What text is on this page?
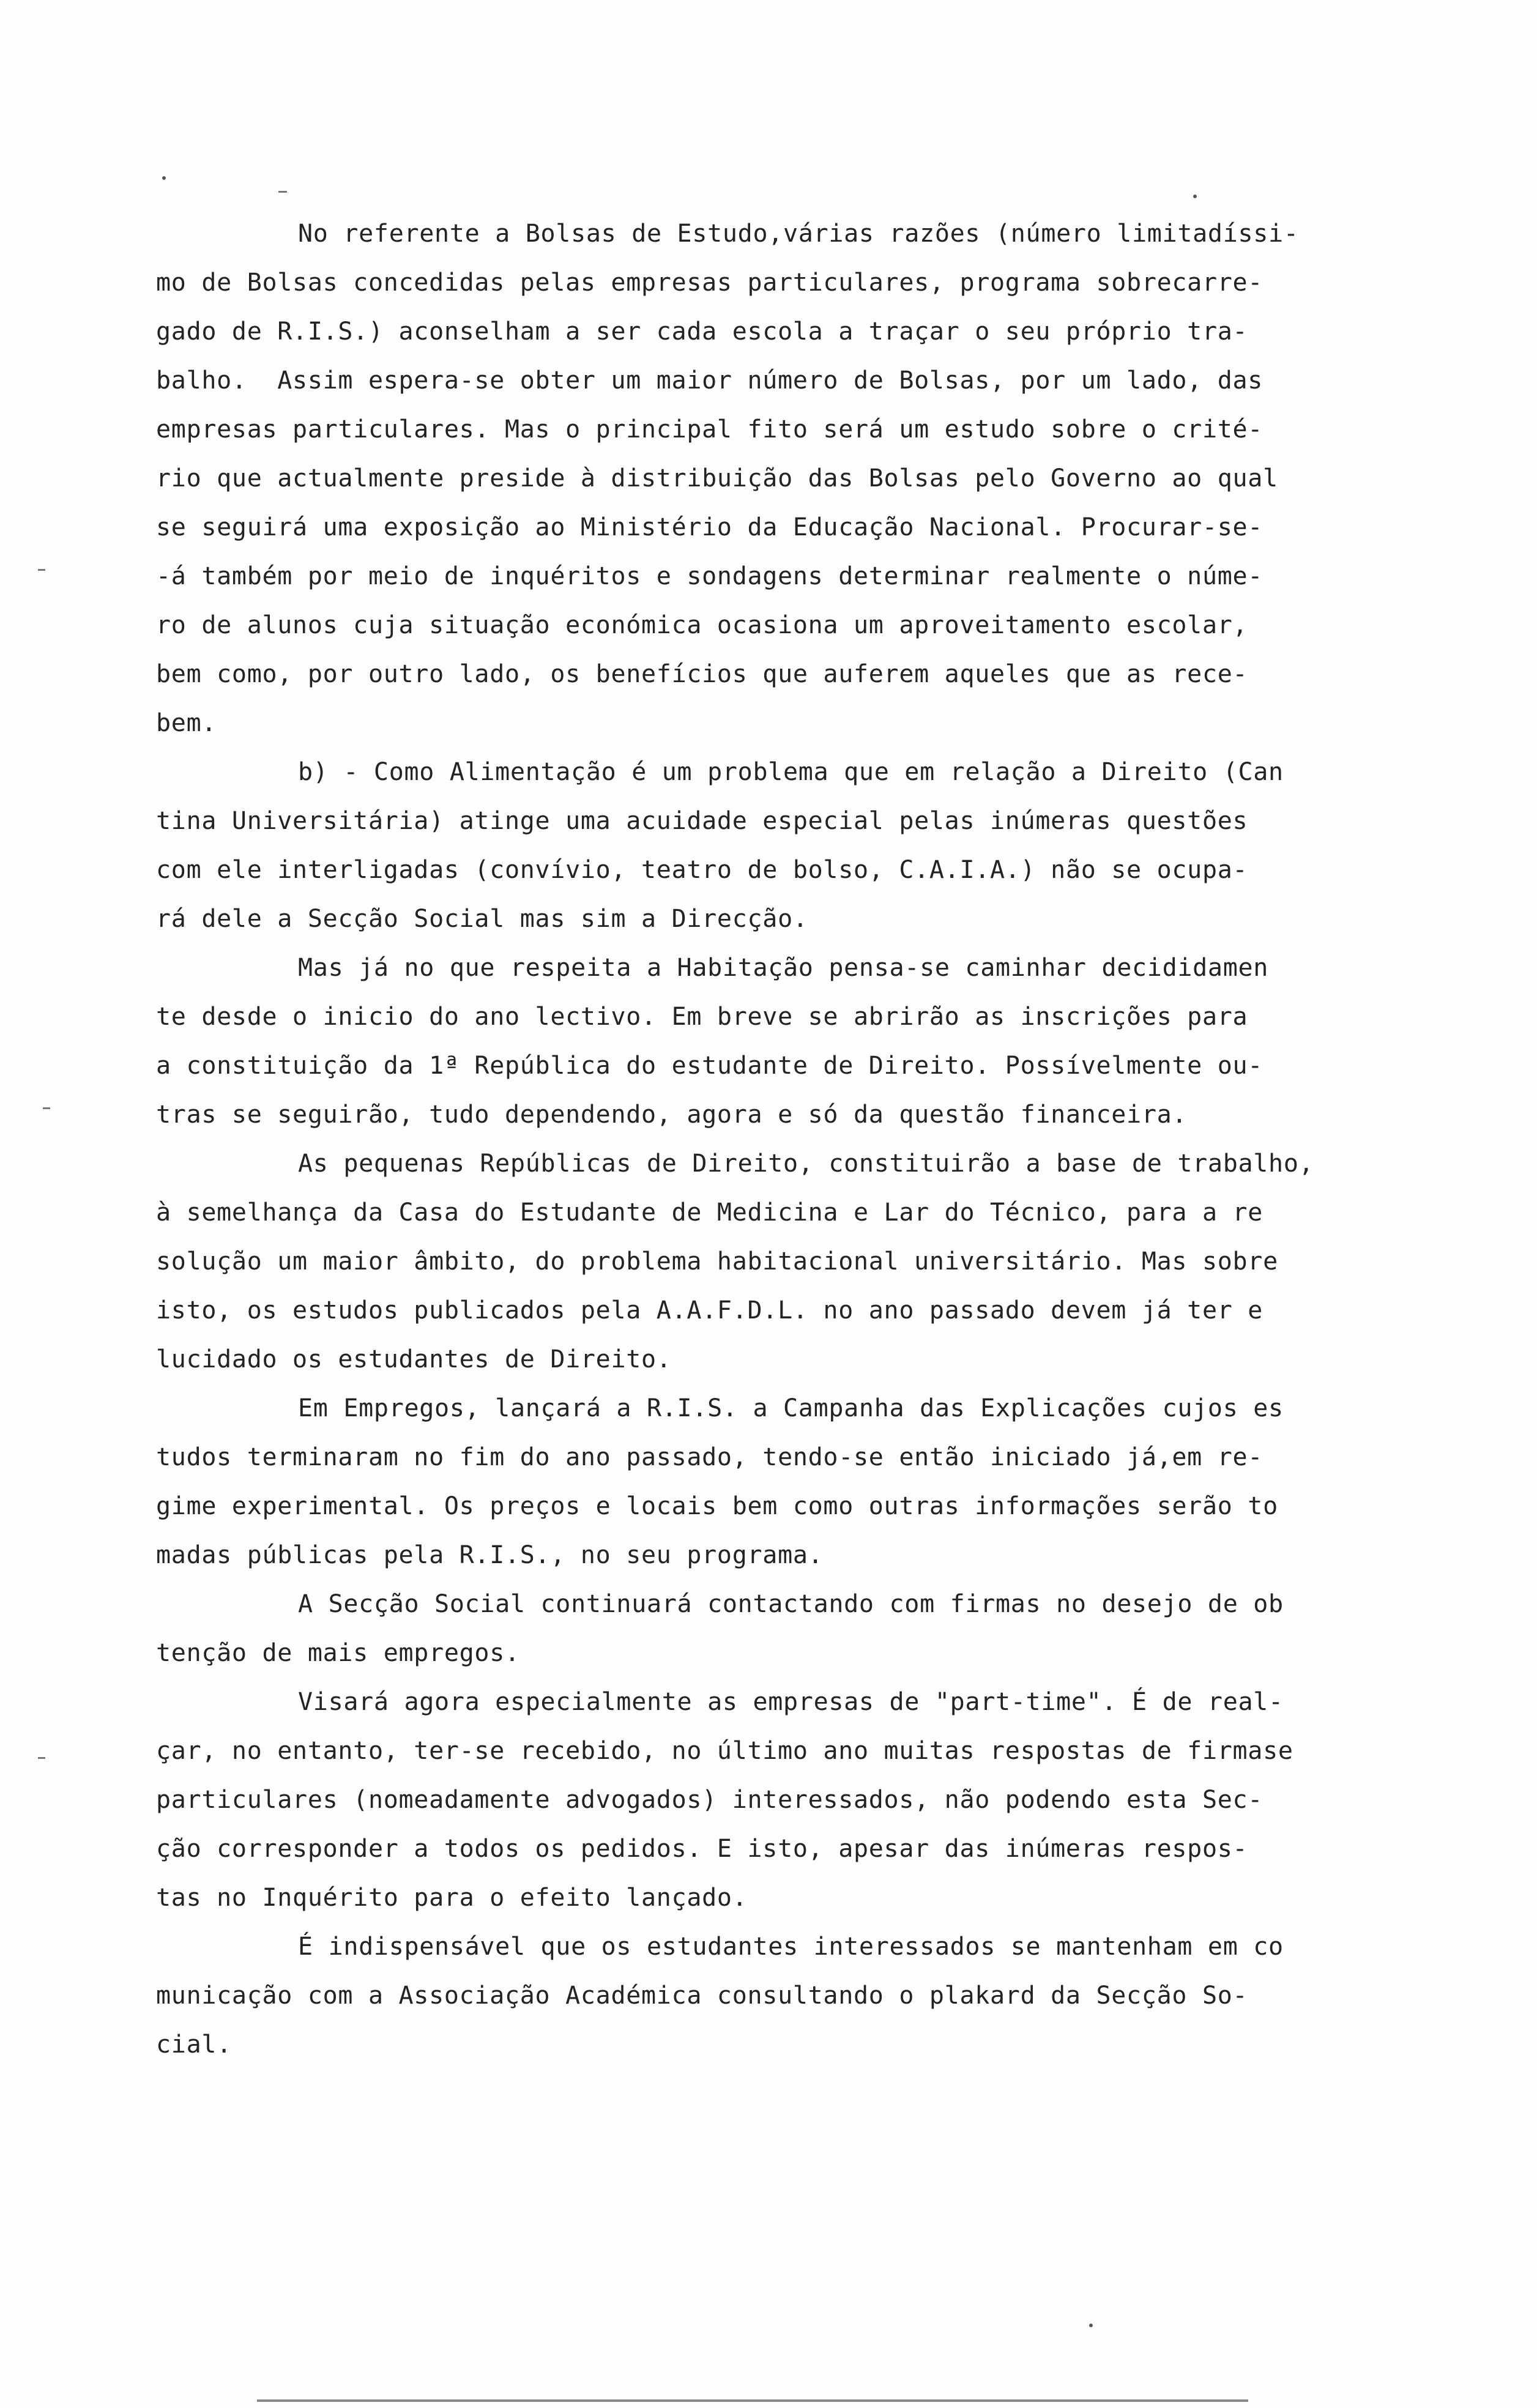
No referente a Bolsas de Estudo,várias razões (número limitadíssi-
mo de Bolsas concedidas pelas empresas particulares, programa sobrecarre-
gado de R.I.S.) aconselham a ser cada escola a traçar o seu próprio tra-
balho.  Assim espera-se obter um maior número de Bolsas, por um lado, das
empresas particulares. Mas o principal fito será um estudo sobre o crité-
rio que actualmente preside à distribuição das Bolsas pelo Governo ao qual
se seguirá uma exposição ao Ministério da Educação Nacional. Procurar-se-
-á também por meio de inquéritos e sondagens determinar realmente o núme-
ro de alunos cuja situação económica ocasiona um aproveitamento escolar,
bem como, por outro lado, os benefícios que auferem aqueles que as rece-
bem.
b) - Como Alimentação é um problema que em relação a Direito (Can
tina Universitária) atinge uma acuidade especial pelas inúmeras questões
com ele interligadas (convívio, teatro de bolso, C.A.I.A.) não se ocupa-
rá dele a Secção Social mas sim a Direcção.
Mas já no que respeita a Habitação pensa-se caminhar decididamen
te desde o inicio do ano lectivo. Em breve se abrirão as inscrições para
a constituição da 1ª República do estudante de Direito. Possívelmente ou-
tras se seguirão, tudo dependendo, agora e só da questão financeira.
As pequenas Repúblicas de Direito, constituirão a base de trabalho,
à semelhança da Casa do Estudante de Medicina e Lar do Técnico, para a re
solução um maior âmbito, do problema habitacional universitário. Mas sobre
isto, os estudos publicados pela A.A.F.D.L. no ano passado devem já ter e
lucidado os estudantes de Direito.
Em Empregos, lançará a R.I.S. a Campanha das Explicações cujos es
tudos terminaram no fim do ano passado, tendo-se então iniciado já,em re-
gime experimental. Os preços e locais bem como outras informações serão to
madas públicas pela R.I.S., no seu programa.
A Secção Social continuará contactando com firmas no desejo de ob
tenção de mais empregos.
Visará agora especialmente as empresas de "part-time". É de real-
çar, no entanto, ter-se recebido, no último ano muitas respostas de firmase
particulares (nomeadamente advogados) interessados, não podendo esta Sec-
ção corresponder a todos os pedidos. E isto, apesar das inúmeras respos-
tas no Inquérito para o efeito lançado.
É indispensável que os estudantes interessados se mantenham em co
municação com a Associação Académica consultando o plakard da Secção So-
cial.
